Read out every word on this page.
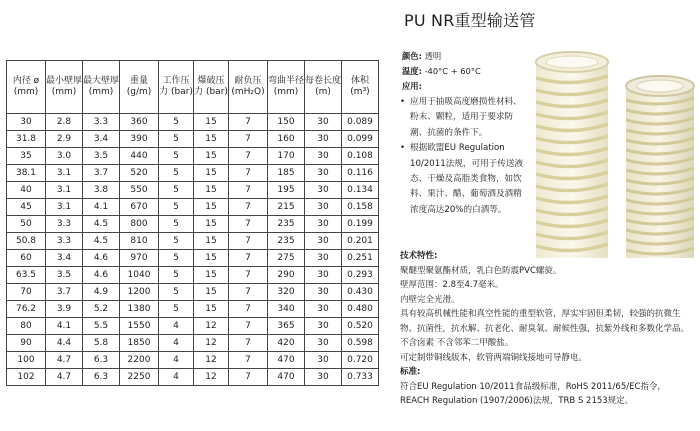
内径 ø (mm)	最小壁厚 (mm)	最大壁厚 (mm)	重量 (g/m)	工作压力 (bar)	爆破压力 (bar)	耐负压 (mH₂O)	弯曲半径 (mm)	每卷长度 (m)	体积 (m³)
30	2.8	3.3	360	5	15	7	150	30	0.089
31.8	2.9	3.4	390	5	15	7	160	30	0.099
35	3.0	3.5	440	5	15	7	170	30	0.108
38.1	3.1	3.7	520	5	15	7	185	30	0.116
40	3.1	3.8	550	5	15	7	195	30	0.134
45	3.1	4.1	670	5	15	7	215	30	0.158
50	3.3	4.5	800	5	15	7	235	30	0.199
50.8	3.3	4.5	810	5	15	7	235	30	0.201
60	3.4	4.6	970	5	15	7	275	30	0.251
63.5	3.5	4.6	1040	5	15	7	290	30	0.293
70	3.7	4.9	1200	5	15	7	320	30	0.430
76.2	3.9	5.2	1380	5	15	7	340	30	0.480
80	4.1	5.5	1550	4	12	7	365	30	0.520
90	4.4	5.8	1850	4	12	7	420	30	0.598
100	4.7	6.3	2200	4	12	7	470	30	0.720
102	4.7	6.3	2250	4	12	7	470	30	0.733
PU NR重型输送管
颜色: 透明
温度: -40°C + 60°C
应用:
• 应用于抽吸高度磨损性材料、粉末、颗粒，适用于要求防潮、抗菌的条件下。
• 根据欧盟EU Regulation 10/2011法规，可用于传送液态、干燥及高脂类食物，如饮料、果汁、醋、葡萄酒及酒精浓度高达20%的白酒等。
技术特性:
聚醚型聚氨酯材质，乳白色防震PVC螺旋。
壁厚范围：2.8至4.7毫米。
内壁完全光滑。
具有较高机械性能和真空性能的重型软管，厚实牢固但柔韧，较强的抗微生物、抗菌性，抗水解、抗老化、耐臭氧、耐候性强，抗紫外线和多数化学品。
不含卤素 不含邻苯二甲酸盐。
可定制带铜线版本，软管两端铜线接地可导静电。
标准:
符合EU Regulation 10/2011食品级标准，RoHS 2011/65/EC指令， REACH Regulation (1907/2006)法规，TRB S 2153规定。
